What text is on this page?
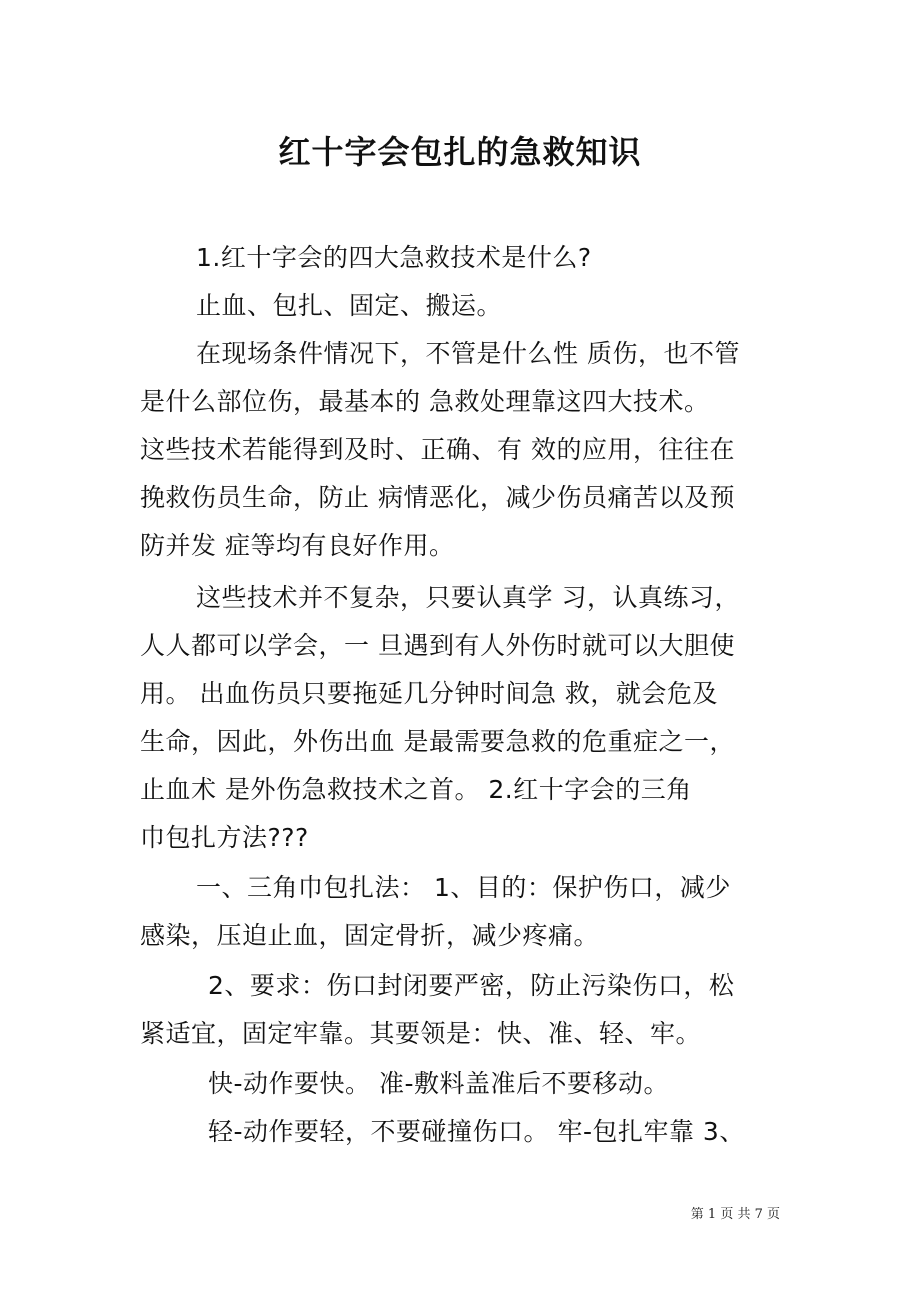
红十字会包扎的急救知识

1.红十字会的四大急救技术是什么?

止血、包扎、固定、搬运。

在现场条件情况下，不管是什么性 质伤，也不管

是什么部位伤，最基本的 急救处理靠这四大技术。

这些技术若能得到及时、正确、有 效的应用，往往在

挽救伤员生命，防止 病情恶化，减少伤员痛苦以及预

防并发 症等均有良好作用。

这些技术并不复杂，只要认真学 习，认真练习，

人人都可以学会，一 旦遇到有人外伤时就可以大胆使

用。 出血伤员只要拖延几分钟时间急 救，就会危及

生命，因此，外伤出血 是最需要急救的危重症之一，

止血术 是外伤急救技术之首。 2.红十字会的三角

巾包扎方法???

一、三角巾包扎法： 1、目的：保护伤口，减少

感染，压迫止血，固定骨折，减少疼痛。

2、要求：伤口封闭要严密，防止污染伤口，松

紧适宜，固定牢靠。其要领是：快、准、轻、牢。

快-动作要快。 准-敷料盖准后不要移动。

轻-动作要轻，不要碰撞伤口。 牢-包扎牢靠 3、

第 1 页 共 7 页
